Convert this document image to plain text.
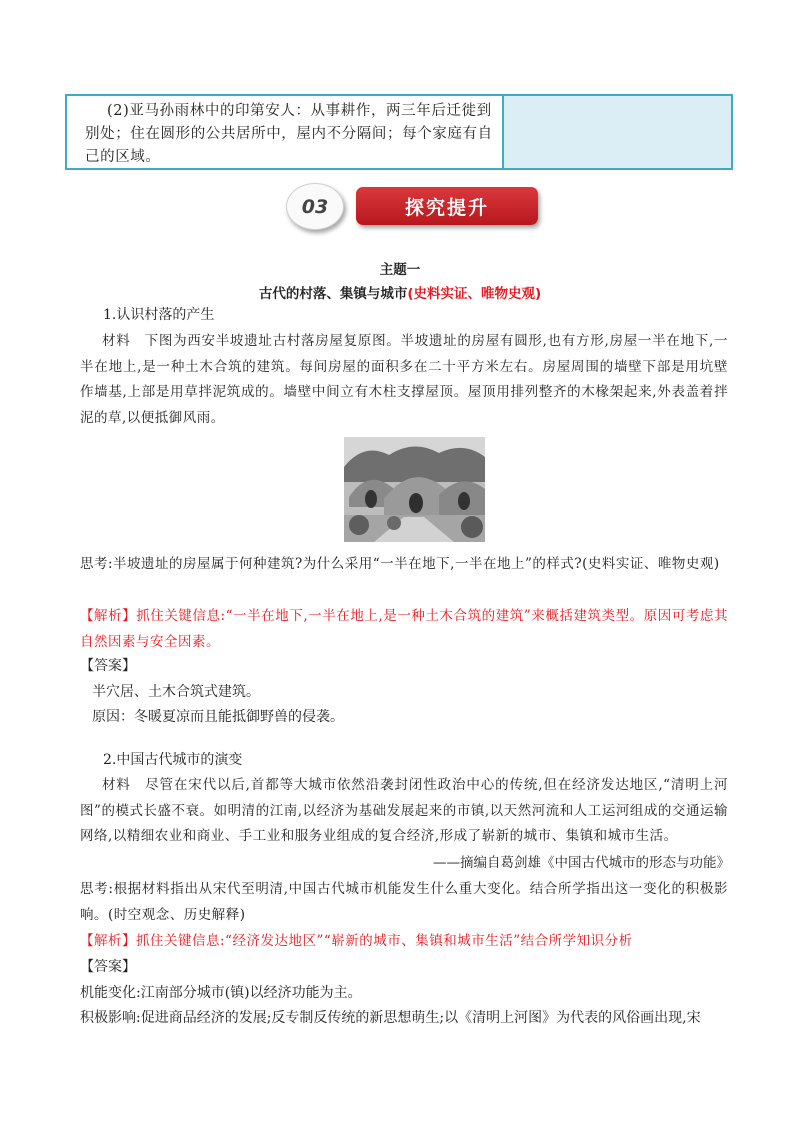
(2)亚马孙雨林中的印第安人：从事耕作，两三年后迁徙到别处；住在圆形的公共居所中，屋内不分隔间；每个家庭有自己的区域。

03	探究提升
主题一
古代的村落、集镇与城市(史料实证、唯物史观)
1.认识村落的产生

材料　下图为西安半坡遗址古村落房屋复原图。半坡遗址的房屋有圆形,也有方形,房屋一半在地下,一半在地上,是一种土木合筑的建筑。每间房屋的面积多在二十平方米左右。房屋周围的墙壁下部是用坑壁作墙基,上部是用草拌泥筑成的。墙壁中间立有木柱支撑屋顶。屋顶用排列整齐的木椽架起来,外表盖着拌泥的草,以便抵御风雨。

思考:半坡遗址的房屋属于何种建筑?为什么采用“一半在地下,一半在地上”的样式?(史料实证、唯物史观)

【解析】抓住关键信息:“一半在地下,一半在地上,是一种土木合筑的建筑”来概括建筑类型。原因可考虑其自然因素与安全因素。

【答案】
半穴居、土木合筑式建筑。
原因：冬暖夏凉而且能抵御野兽的侵袭。
2.中国古代城市的演变

材料　尽管在宋代以后,首都等大城市依然沿袭封闭性政治中心的传统,但在经济发达地区,“清明上河图”的模式长盛不衰。如明清的江南,以经济为基础发展起来的市镇,以天然河流和人工运河组成的交通运输网络,以精细农业和商业、手工业和服务业组成的复合经济,形成了崭新的城市、集镇和城市生活。

——摘编自葛剑雄《中国古代城市的形态与功能》

思考:根据材料指出从宋代至明清,中国古代城市机能发生什么重大变化。结合所学指出这一变化的积极影响。(时空观念、历史解释)

【解析】抓住关键信息:“经济发达地区”“崭新的城市、集镇和城市生活”结合所学知识分析

【答案】
机能变化:江南部分城市(镇)以经济功能为主。
积极影响:促进商品经济的发展;反专制反传统的新思想萌生;以《清明上河图》为代表的风俗画出现,宋
